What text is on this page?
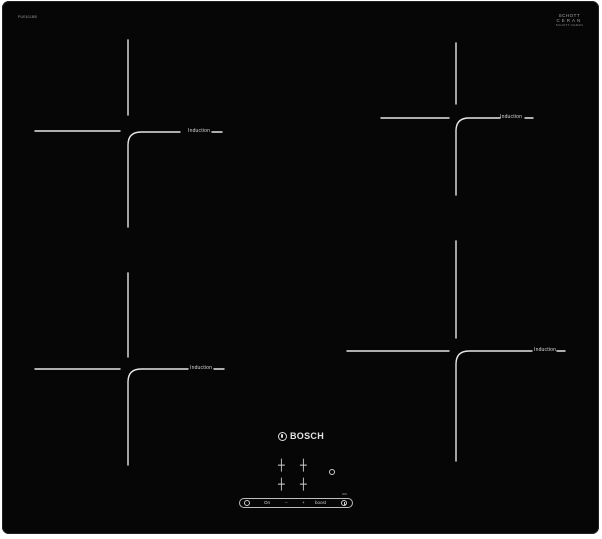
PUE611BB	SCHOTT
CERAN
SCHOTT-CERAN
Induction
Induction
Induction
Induction
BOSCH
┼ ┼
┼ ┼
000
On	–	+ boost
